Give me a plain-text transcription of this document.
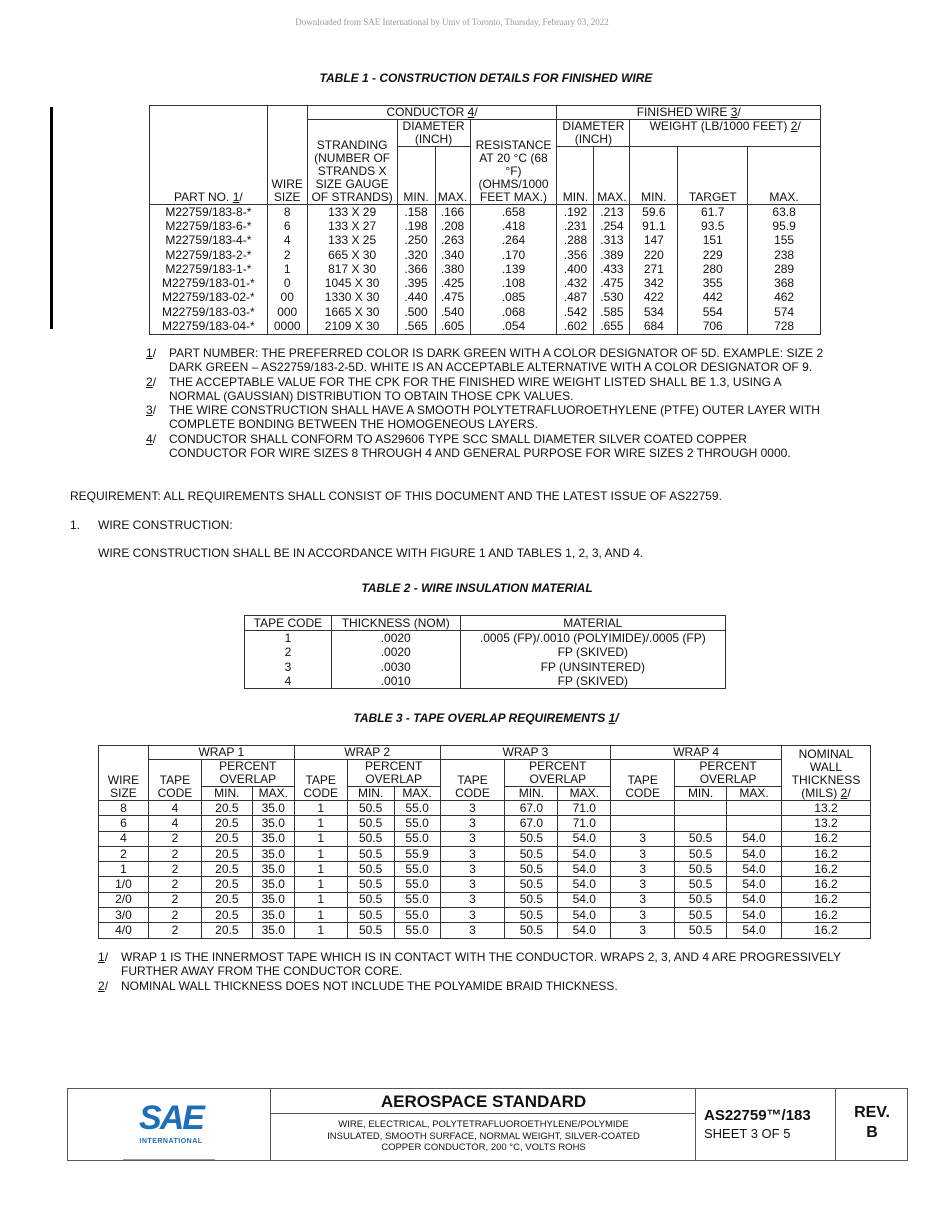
Downloaded from SAE International by Univ of Toronto, Thursday, February 03, 2022
TABLE 1 - CONSTRUCTION DETAILS FOR FINISHED WIRE
PART NO. 1/	WIRE SIZE	CONDUCTOR 4/				FINISHED WIRE 3/				
		STRANDING (NUMBER OF STRANDS X SIZE GAUGE OF STRANDS)	DIAMETER (INCH)		RESISTANCE AT 20 °C (68 °F) (OHMS/1000 FEET MAX.)	DIAMETER (INCH)		WEIGHT (LB/1000 FEET) 2/		
			MIN.	MAX.		MIN.	MAX.	MIN.	TARGET	MAX.
M22759/183-8-*	8	133 X 29	.158	.166	.658	.192	.213	59.6	61.7	63.8
M22759/183-6-*	6	133 X 27	.198	.208	.418	.231	.254	91.1	93.5	95.9
M22759/183-4-*	4	133 X 25	.250	.263	.264	.288	.313	147	151	155
M22759/183-2-*	2	665 X 30	.320	.340	.170	.356	.389	220	229	238
M22759/183-1-*	1	817 X 30	.366	.380	.139	.400	.433	271	280	289
M22759/183-01-*	0	1045 X 30	.395	.425	.108	.432	.475	342	355	368
M22759/183-02-*	00	1330 X 30	.440	.475	.085	.487	.530	422	442	462
M22759/183-03-*	000	1665 X 30	.500	.540	.068	.542	.585	534	554	574
M22759/183-04-*	0000	2109 X 30	.565	.605	.054	.602	.655	684	706	728
1/ PART NUMBER: THE PREFERRED COLOR IS DARK GREEN WITH A COLOR DESIGNATOR OF 5D. EXAMPLE: SIZE 2 DARK GREEN – AS22759/183-2-5D. WHITE IS AN ACCEPTABLE ALTERNATIVE WITH A COLOR DESIGNATOR OF 9.
2/ THE ACCEPTABLE VALUE FOR THE CPK FOR THE FINISHED WIRE WEIGHT LISTED SHALL BE 1.3, USING A NORMAL (GAUSSIAN) DISTRIBUTION TO OBTAIN THOSE CPK VALUES.
3/ THE WIRE CONSTRUCTION SHALL HAVE A SMOOTH POLYTETRAFLUOROETHYLENE (PTFE) OUTER LAYER WITH COMPLETE BONDING BETWEEN THE HOMOGENEOUS LAYERS.
4/ CONDUCTOR SHALL CONFORM TO AS29606 TYPE SCC SMALL DIAMETER SILVER COATED COPPER CONDUCTOR FOR WIRE SIZES 8 THROUGH 4 AND GENERAL PURPOSE FOR WIRE SIZES 2 THROUGH 0000.
REQUIREMENT: ALL REQUIREMENTS SHALL CONSIST OF THIS DOCUMENT AND THE LATEST ISSUE OF AS22759.
1. WIRE CONSTRUCTION:
WIRE CONSTRUCTION SHALL BE IN ACCORDANCE WITH FIGURE 1 AND TABLES 1, 2, 3, AND 4.
TABLE 2 - WIRE INSULATION MATERIAL
TAPE CODE	THICKNESS (NOM)	MATERIAL
1	.0020	.0005 (FP)/.0010 (POLYIMIDE)/.0005 (FP)
2	.0020	FP (SKIVED)
3	.0030	FP (UNSINTERED)
4	.0010	FP (SKIVED)
TABLE 3 - TAPE OVERLAP REQUIREMENTS 1/
WIRE SIZE	WRAP 1			WRAP 2			WRAP 3			WRAP 4			NOMINAL WALL THICKNESS (MILS) 2/
	TAPE CODE	PERCENT OVERLAP		TAPE CODE	PERCENT OVERLAP		TAPE CODE	PERCENT OVERLAP		TAPE CODE	PERCENT OVERLAP		
		MIN.	MAX.		MIN.	MAX.		MIN.	MAX.		MIN.	MAX.	
8	4	20.5	35.0	1	50.5	55.0	3	67.0	71.0				13.2
6	4	20.5	35.0	1	50.5	55.0	3	67.0	71.0				13.2
4	2	20.5	35.0	1	50.5	55.0	3	50.5	54.0	3	50.5	54.0	16.2
2	2	20.5	35.0	1	50.5	55.9	3	50.5	54.0	3	50.5	54.0	16.2
1	2	20.5	35.0	1	50.5	55.0	3	50.5	54.0	3	50.5	54.0	16.2
1/0	2	20.5	35.0	1	50.5	55.0	3	50.5	54.0	3	50.5	54.0	16.2
2/0	2	20.5	35.0	1	50.5	55.0	3	50.5	54.0	3	50.5	54.0	16.2
3/0	2	20.5	35.0	1	50.5	55.0	3	50.5	54.0	3	50.5	54.0	16.2
4/0	2	20.5	35.0	1	50.5	55.0	3	50.5	54.0	3	50.5	54.0	16.2
1/ WRAP 1 IS THE INNERMOST TAPE WHICH IS IN CONTACT WITH THE CONDUCTOR. WRAPS 2, 3, AND 4 ARE PROGRESSIVELY FURTHER AWAY FROM THE CONDUCTOR CORE.
2/ NOMINAL WALL THICKNESS DOES NOT INCLUDE THE POLYAMIDE BRAID THICKNESS.
SAE
INTERNATIONAL
AEROSPACE STANDARD
WIRE, ELECTRICAL, POLYTETRAFLUOROETHYLENE/POLYMIDE INSULATED, SMOOTH SURFACE, NORMAL WEIGHT, SILVER-COATED COPPER CONDUCTOR, 200 °C, VOLTS ROHS
AS22759™/183
SHEET 3 OF 5
REV.
B
